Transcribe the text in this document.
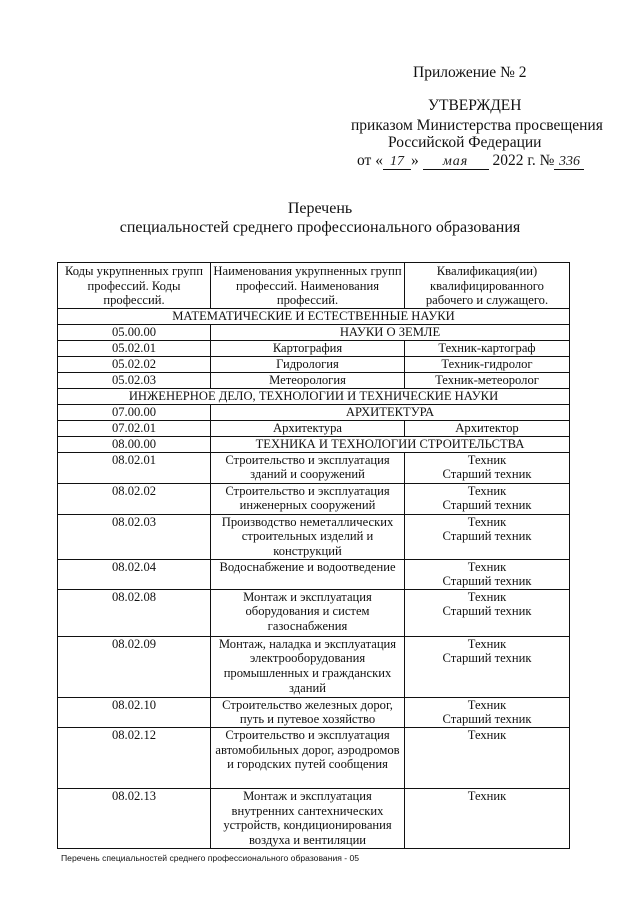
Приложение № 2
УТВЕРЖДЕН
приказом Министерства просвещения
Российской Федерации
от « 17 » мая 2022 г. № 336
Перечень
специальностей среднего профессионального образования
Коды укрупненных групп профессий. Коды профессий.	Наименования укрупненных групп профессий. Наименования профессий.	Квалификация(ии) квалифицированного рабочего и служащего.
МАТЕМАТИЧЕСКИЕ И ЕСТЕСТВЕННЫЕ НАУКИ		
05.00.00	НАУКИ О ЗЕМЛЕ	
05.02.01	Картография	Техник-картограф
05.02.02	Гидрология	Техник-гидролог
05.02.03	Метеорология	Техник-метеоролог
ИНЖЕНЕРНОЕ ДЕЛО, ТЕХНОЛОГИИ И ТЕХНИЧЕСКИЕ НАУКИ		
07.00.00	АРХИТЕКТУРА	
07.02.01	Архитектура	Архитектор
08.00.00	ТЕХНИКА И ТЕХНОЛОГИИ СТРОИТЕЛЬСТВА	
08.02.01	Строительство и эксплуатация зданий и сооружений	Техник
Старший техник
08.02.02	Строительство и эксплуатация инженерных сооружений	Техник
Старший техник
08.02.03	Производство неметаллических строительных изделий и конструкций	Техник
Старший техник
08.02.04	Водоснабжение и водоотведение	Техник
Старший техник
08.02.08	Монтаж и эксплуатация оборудования и систем газоснабжения	Техник
Старший техник
08.02.09	Монтаж, наладка и эксплуатация электрооборудования промышленных и гражданских зданий	Техник
Старший техник
08.02.10	Строительство железных дорог, путь и путевое хозяйство	Техник
Старший техник
08.02.12	Строительство и эксплуатация автомобильных дорог, аэродромов и городских путей сообщения	Техник
08.02.13	Монтаж и эксплуатация внутренних сантехнических устройств, кондиционирования воздуха и вентиляции	Техник
Перечень специальностей среднего профессионального образования - 05
